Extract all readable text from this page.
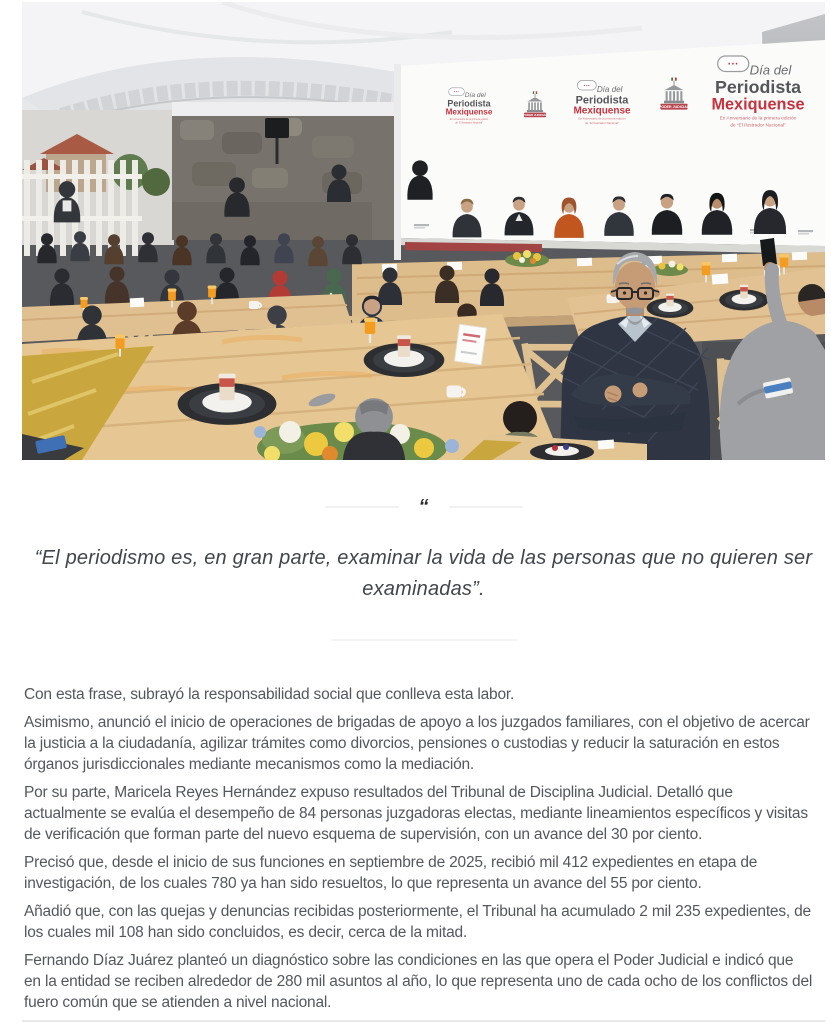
“
“El periodismo es, en gran parte, examinar la vida de las personas que no quieren ser examinadas”.

Con esta frase, subrayó la responsabilidad social que conlleva esta labor.

Asimismo, anunció el inicio de operaciones de brigadas de apoyo a los juzgados familiares, con el objetivo de acercar la justicia a la ciudadanía, agilizar trámites como divorcios, pensiones o custodias y reducir la saturación en estos órganos jurisdiccionales mediante mecanismos como la mediación.

Por su parte, Maricela Reyes Hernández expuso resultados del Tribunal de Disciplina Judicial. Detalló que actualmente se evalúa el desempeño de 84 personas juzgadoras electas, mediante lineamientos específicos y visitas de verificación que forman parte del nuevo esquema de supervisión, con un avance del 30 por ciento.

Precisó que, desde el inicio de sus funciones en septiembre de 2025, recibió mil 412 expedientes en etapa de investigación, de los cuales 780 ya han sido resueltos, lo que representa un avance del 55 por ciento.

Añadió que, con las quejas y denuncias recibidas posteriormente, el Tribunal ha acumulado 2 mil 235 expedientes, de los cuales mil 108 han sido concluidos, es decir, cerca de la mitad.

Fernando Díaz Juárez planteó un diagnóstico sobre las condiciones en las que opera el Poder Judicial e indicó que en la entidad se reciben alrededor de 280 mil asuntos al año, lo que representa uno de cada ocho de los conflictos del fuero común que se atienden a nivel nacional.
